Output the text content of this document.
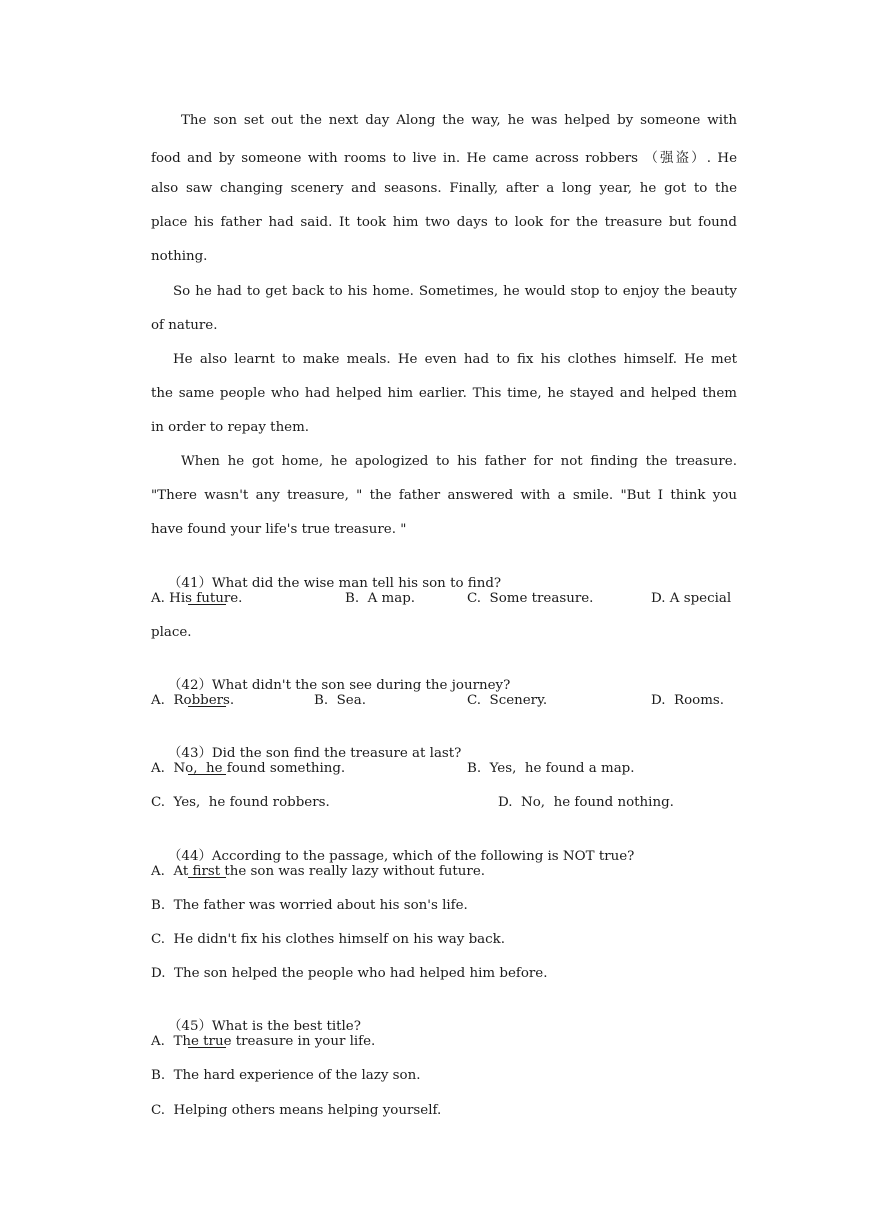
The son set out the next day Along the way, he was helped by someone with
food and by someone with rooms to live in. He came across robbers （强盗）. He
also saw changing scenery and seasons. Finally, after a long year, he got to the
place his father had said. It took him two days to look for the treasure but found
nothing.
So he had to get back to his home. Sometimes, he would stop to enjoy the beauty
of nature.
He also learnt to make meals. He even had to fix his clothes himself. He met
the same people who had helped him earlier. This time, he stayed and helped them
in order to repay them.
When he got home, he apologized to his father for not finding the treasure.
"There wasn't any treasure, " the father answered with a smile. "But I think you
have found your life's true treasure. "

（41）What did the wise man tell his son to find?

A. His future.	B.  A map.	C.  Some treasure.	D. A special
place.

（42）What didn't the son see during the journey?

A.  Robbers.	B.  Sea.	C.  Scenery.	D.  Rooms.

（43）Did the son find the treasure at last?

A.  No,  he found something.	B.  Yes,  he found a map.
C.  Yes,  he found robbers.	D.  No,  he found nothing.

（44）According to the passage, which of the following is NOT true?

A.  At first the son was really lazy without future.
B.  The father was worried about his son's life.
C.  He didn't fix his clothes himself on his way back.
D.  The son helped the people who had helped him before.

（45）What is the best title?

A.  The true treasure in your life.
B.  The hard experience of the lazy son.
C.  Helping others means helping yourself.
